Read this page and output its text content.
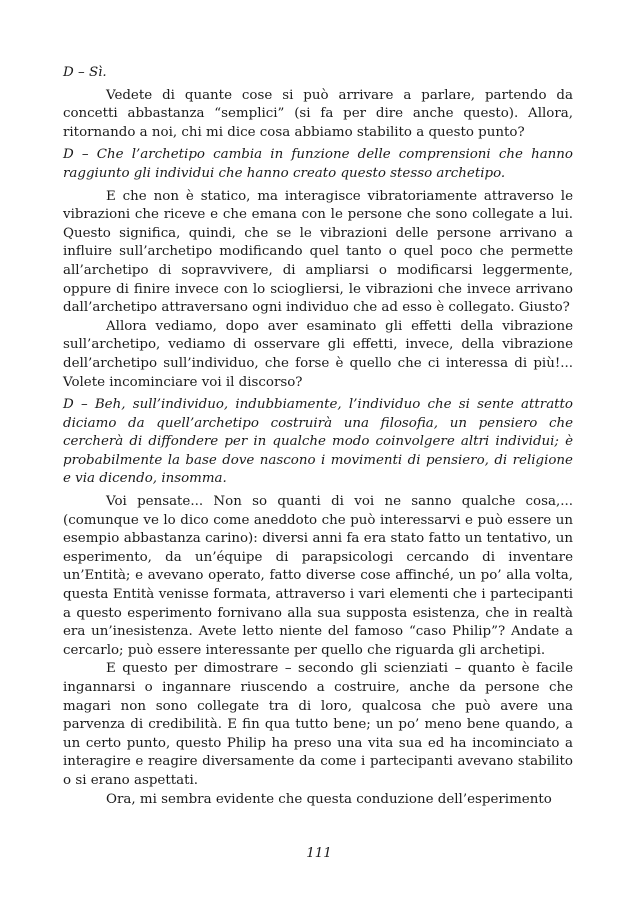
D – Sì.

Vedete di quante cose si può arrivare a parlare, partendo da concetti abbastanza “semplici” (si fa per dire anche questo). Allora, ritornando a noi, chi mi dice cosa abbiamo stabilito a questo punto?

D – Che l’archetipo cambia in funzione delle comprensioni che hanno raggiunto gli individui che hanno creato questo stesso archetipo.

E che non è statico, ma interagisce vibratoriamente attraverso le vibrazioni che riceve e che emana con le persone che sono collegate a lui. Questo significa, quindi, che se le vibrazioni delle persone arrivano a influire sull’archetipo modificando quel tanto o quel poco che permette all’archetipo di sopravvivere, di ampliarsi o modificarsi leggermente, oppure di finire invece con lo sciogliersi, le vibrazioni che invece arrivano dall’archetipo attraversano ogni individuo che ad esso è collegato. Giusto?

Allora vediamo, dopo aver esaminato gli effetti della vibrazione sull’archetipo, vediamo di osservare gli effetti, invece, della vibrazione dell’archetipo sull’individuo, che forse è quello che ci interessa di più!... Volete incominciare voi il discorso?

D – Beh, sull’individuo, indubbiamente, l’individuo che si sente attratto diciamo da quell’archetipo costruirà una filosofia, un pensiero che cercherà di diffondere per in qualche modo coinvolgere altri individui; è probabilmente la base dove nascono i movimenti di pensiero, di religione e via dicendo, insomma.

Voi pensate... Non so quanti di voi ne sanno qualche cosa,... (comunque ve lo dico come aneddoto che può interessarvi e può essere un esempio abbastanza carino): diversi anni fa era stato fatto un tentativo, un esperimento, da un’équipe di parapsicologi cercando di inventare un’Entità; e avevano operato, fatto diverse cose affinché, un po’ alla volta, questa Entità venisse formata, attraverso i vari elementi che i partecipanti a questo esperimento fornivano alla sua supposta esistenza, che in realtà era un’inesistenza. Avete letto niente del famoso “caso Philip”? Andate a cercarlo; può essere interessante per quello che riguarda gli archetipi.

E questo per dimostrare – secondo gli scienziati – quanto è facile ingannarsi o ingannare riuscendo a costruire, anche da persone che magari non sono collegate tra di loro, qualcosa che può avere una parvenza di credibilità. E fin qua tutto bene; un po’ meno bene quando, a un certo punto, questo Philip ha preso una vita sua ed ha incominciato a interagire e reagire diversamente da come i partecipanti avevano stabilito o si erano aspettati.

Ora, mi sembra evidente che questa conduzione dell’esperimento

111
